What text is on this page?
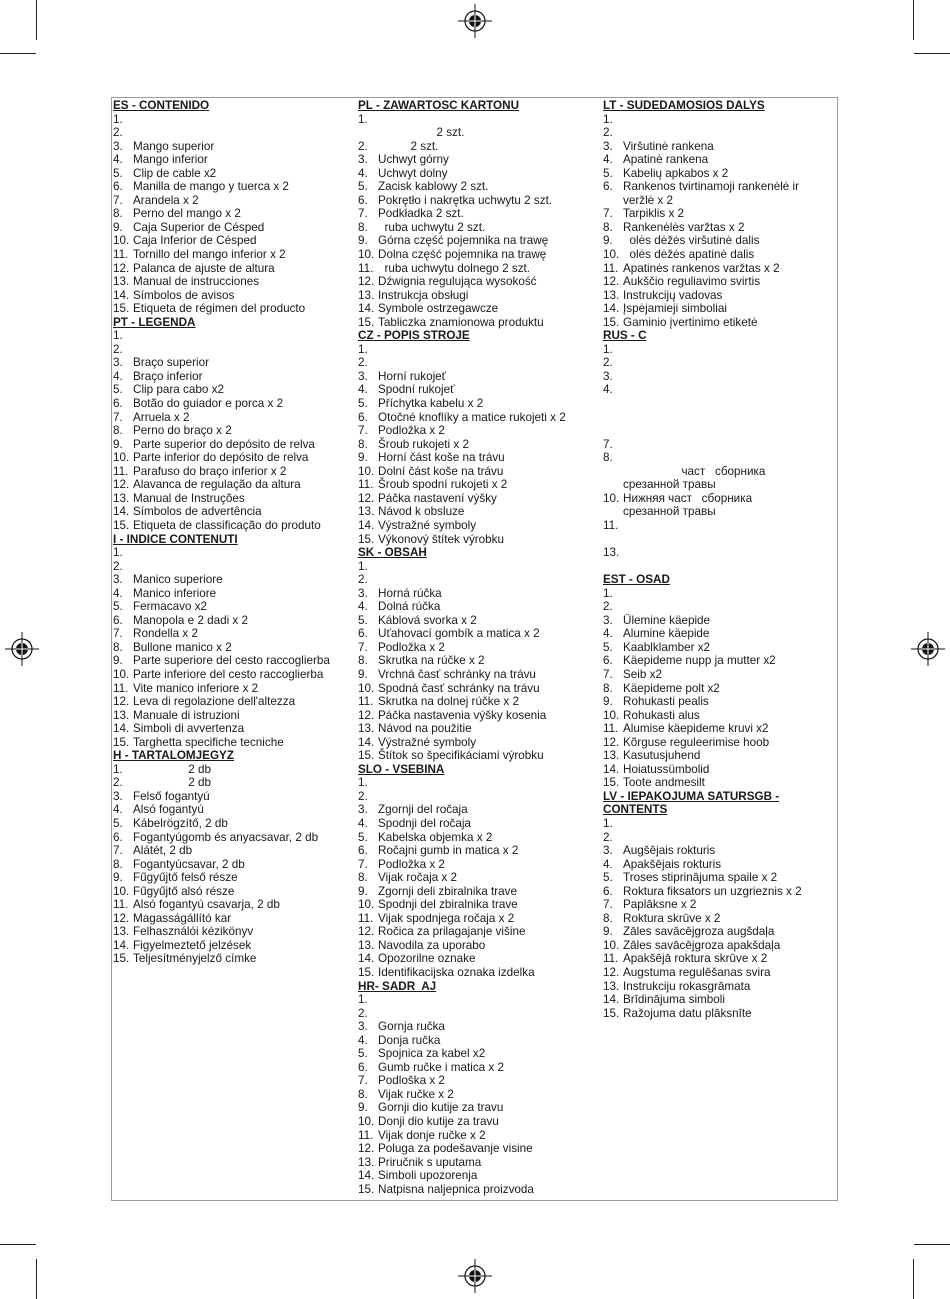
ES - CONTENIDO
1.
2.
3. Mango superior
4. Mango inferior
5. Clip de cable x2
6. Manilla de mango y tuerca x 2
7. Arandela x 2
8. Perno del mango x 2
9. Caja Superior de Césped
10. Caja Inferior de Césped
11. Tornillo del mango inferior x 2
12. Palanca de ajuste de altura
13. Manual de instrucciones
14. Símbolos de avisos
15. Etiqueta de régimen del producto
PT - LEGENDA
1.
2.
3. Braço superior
4. Braço inferior
5. Clip para cabo x2
6. Botão do guiador e porca x 2
7. Arruela x 2
8. Perno do braço x 2
9. Parte superior do depósito de relva
10. Parte inferior do depósito de relva
11. Parafuso do braço inferior x 2
12. Alavanca de regulação da altura
13. Manual de Instruções
14. Símbolos de advertência
15. Etiqueta de classificação do produto
I - INDICE CONTENUTI
1.
2.
3. Manico superiore
4. Manico inferiore
5. Fermacavo x2
6. Manopola e 2 dadi x 2
7. Rondella x 2
8. Bullone manico x 2
9. Parte superiore del cesto raccoglierba
10. Parte inferiore del cesto raccoglierba
11. Vite manico inferiore x 2
12. Leva di regolazione dell'altezza
13. Manuale di istruzioni
14. Simboli di avvertenza
15. Targhetta specifiche tecniche
H - TARTALOMJEGYZ
1. 2 db
2. 2 db
3. Felső fogantyú
4. Alsó fogantyú
5. Kábelrögzítő, 2 db
6. Fogantyúgomb és anyacsavar, 2 db
7. Alátét, 2 db
8. Fogantyúcsavar, 2 db
9. Fűgyűjtő felső része
10. Fűgyűjtő alsó része
11. Alsó fogantyú csavarja, 2 db
12. Magasságállító kar
13. Felhasználói kézikönyv
14. Figyelmeztető jelzések
15. Teljesítményjelző címke
PL - ZAWARTOSC KARTONU
1.
2 szt.
2. 2 szt.
3. Uchwyt górny
4. Uchwyt dolny
5. Zacisk kablowy 2 szt.
6. Pokrętło i nakrętka uchwytu 2 szt.
7. Podkładka 2 szt.
8. ruba uchwytu 2 szt.
9. Górna część pojemnika na trawę
10. Dolna część pojemnika na trawę
11. ruba uchwytu dolnego 2 szt.
12. Dźwignia regulująca wysokość
13. Instrukcja obsługi
14. Symbole ostrzegawcze
15. Tabliczka znamionowa produktu
CZ - POPIS STROJE
1.
2.
3. Horní rukojeť
4. Spodní rukojeť
5. Příchytka kabelu x 2
6. Otočné knoflíky a matice rukojeti x 2
7. Podložka x 2
8. Šroub rukojeti x 2
9. Horní část koše na trávu
10. Dolní část koše na trávu
11. Šroub spodní rukojeti x 2
12. Páčka nastavení výšky
13. Návod k obsluze
14. Výstražné symboly
15. Výkonový štítek výrobku
SK - OBSAH
1.
2.
3. Horná rúčka
4. Dolná rúčka
5. Káblová svorka x 2
6. Uťahovací gombík a matica x 2
7. Podložka x 2
8. Skrutka na rúčke x 2
9. Vrchná časť schránky na trávu
10. Spodná časť schránky na trávu
11. Skrutka na dolnej rúčke x 2
12. Páčka nastavenia výšky kosenia
13. Návod na použitie
14. Výstražné symboly
15. Štítok so špecifikáciami výrobku
SLO - VSEBINA
1.
2.
3. Zgornji del ročaja
4. Spodnji del ročaja
5. Kabelska objemka x 2
6. Ročajni gumb in matica x 2
7. Podložka x 2
8. Vijak ročaja x 2
9. Zgornji deli zbiralnika trave
10. Spodnji del zbiralnika trave
11. Vijak spodnjega ročaja x 2
12. Ročica za prilagajanje višine
13. Navodila za uporabo
14. Opozorilne oznake
15. Identifikacijska oznaka izdelka
HR- SADR  AJ
1.
2.
3. Gornja ručka
4. Donja ručka
5. Spojnica za kabel x2
6. Gumb ručke i matica x 2
7. Podloška x 2
8. Vijak ručke x 2
9. Gornji dio kutije za travu
10. Donji dio kutije za travu
11. Vijak donje ručke x 2
12. Poluga za podešavanje visine
13. Priručnik s uputama
14. Simboli upozorenja
15. Natpisna naljepnica proizvoda
LT - SUDEDAMOSIOS DALYS
1.
2.
3. Viršutinė rankena
4. Apatinė rankena
5. Kabelių apkabos x 2
6. Rankenos tvirtinamoji rankenėlė ir
veržlė x 2
7. Tarpiklis x 2
8. Rankenėlės varžtas x 2
9. olės dėžės viršutinė dalis
10. olės dėžės apatinė dalis
11. Apatinės rankenos varžtas x 2
12. Aukščio reguliavimo svirtis
13. Instrukcijų vadovas
14. Įspėjamieji simboliai
15. Gaminio įvertinimo etiketė
RUS - С
1.
2.
3.
4.

7.
8.

част   сборника
срезанной травы
10. Нижняя част   сборника
срезанной травы
11.

13.

EST - OSAD
1.
2.
3. Ülemine käepide
4. Alumine käepide
5. Kaablklamber x2
6. Käepideme nupp ja mutter x2
7. Seib x2
8. Käepideme polt x2
9. Rohukasti pealis
10. Rohukasti alus
11. Alumise käepideme kruvi x2
12. Kõrguse reguleerimise hoob
13. Kasutusjuhend
14. Hoiatussümbolid
15. Toote andmesilt
LV - IEPAKOJUMA SATURSGB -
CONTENTS
1.
2.
3. Augšējais rokturis
4. Apakšējais rokturis
5. Troses stiprinājuma spaile x 2
6. Roktura fiksators un uzgrieznis x 2
7. Paplāksne x 2
8. Roktura skrūve x 2
9. Zāles savācējgroza augšdaļa
10. Zāles savācējgroza apakšdaļa
11. Apakšējā roktura skrūve x 2
12. Augstuma regulēšanas svira
13. Instrukciju rokasgrāmata
14. Brīdinājuma simboli
15. Ražojuma datu plāksnīte
